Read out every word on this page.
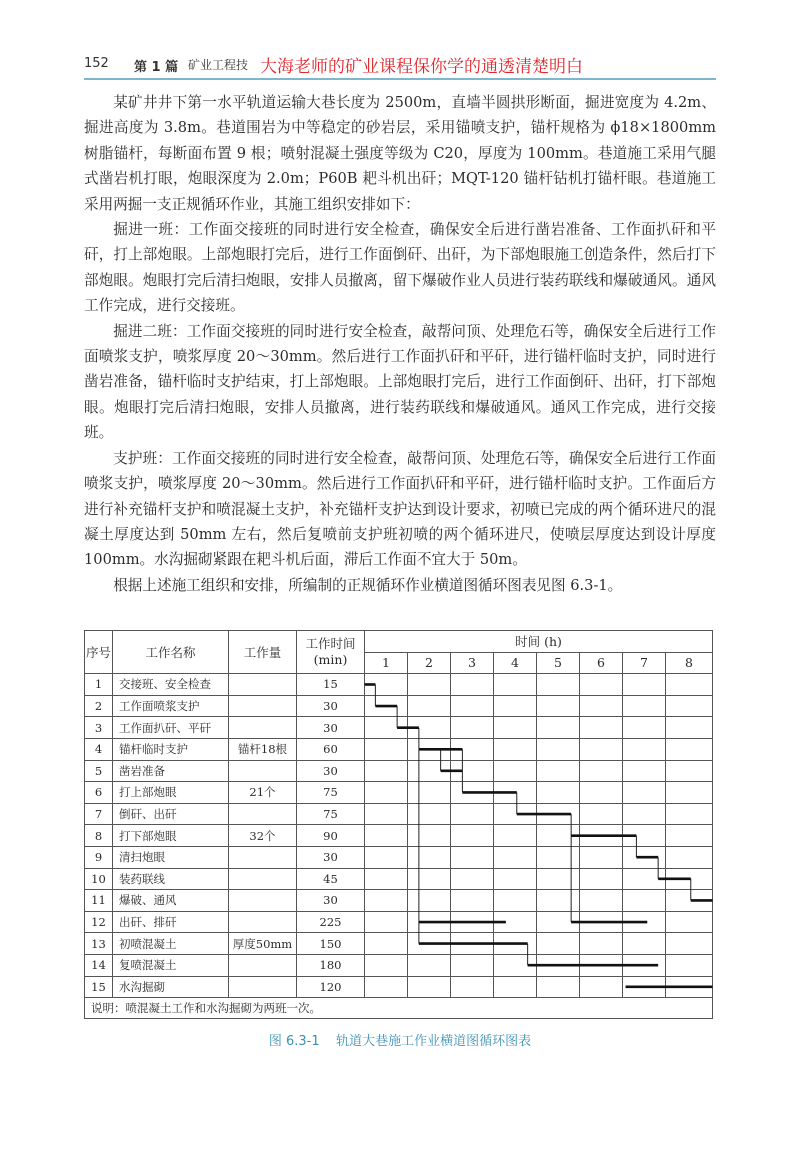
152 第 1 篇 矿业工程技 大海老师的矿业课程保你学的通透清楚明白

某矿井井下第一水平轨道运输大巷长度为 2500m，直墙半圆拱形断面，掘进宽度为 4.2m、掘进高度为 3.8m。巷道围岩为中等稳定的砂岩层，采用锚喷支护，锚杆规格为 ϕ18×1800mm 树脂锚杆，每断面布置 9 根；喷射混凝土强度等级为 C20，厚度为 100mm。巷道施工采用气腿式凿岩机打眼，炮眼深度为 2.0m；P60B 耙斗机出矸；MQT-120 锚杆钻机打锚杆眼。巷道施工采用两掘一支正规循环作业，其施工组织安排如下：

掘进一班：工作面交接班的同时进行安全检查，确保安全后进行凿岩准备、工作面扒矸和平矸，打上部炮眼。上部炮眼打完后，进行工作面倒矸、出矸，为下部炮眼施工创造条件，然后打下部炮眼。炮眼打完后清扫炮眼，安排人员撤离，留下爆破作业人员进行装药联线和爆破通风。通风工作完成，进行交接班。

掘进二班：工作面交接班的同时进行安全检查，敲帮问顶、处理危石等，确保安全后进行工作面喷浆支护，喷浆厚度 20～30mm。然后进行工作面扒矸和平矸，进行锚杆临时支护，同时进行凿岩准备，锚杆临时支护结束，打上部炮眼。上部炮眼打完后，进行工作面倒矸、出矸，打下部炮眼。炮眼打完后清扫炮眼，安排人员撤离，进行装药联线和爆破通风。通风工作完成，进行交接班。

支护班：工作面交接班的同时进行安全检查，敲帮问顶、处理危石等，确保安全后进行工作面喷浆支护，喷浆厚度 20～30mm。然后进行工作面扒矸和平矸，进行锚杆临时支护。工作面后方进行补充锚杆支护和喷混凝土支护，补充锚杆支护达到设计要求，初喷已完成的两个循环进尺的混凝土厚度达到 50mm 左右，然后复喷前支护班初喷的两个循环进尺，使喷层厚度达到设计厚度 100mm。水沟掘砌紧跟在耙斗机后面，滞后工作面不宜大于 50m。

根据上述施工组织和安排，所编制的正规循环作业横道图循环图表见图 6.3-1。

序号	工作名称	工作量	工作时间 (min)	时间 (h)							
				1	2	3	4	5	6	7	8
1	交接班、安全检查		15								
2	工作面喷浆支护		30								
3	工作面扒矸、平矸		30								
4	锚杆临时支护	锚杆18根	60								
5	凿岩准备		30								
6	打上部炮眼	21个	75								
7	倒矸、出矸		75								
8	打下部炮眼	32个	90								
9	清扫炮眼		30								
10	装药联线		45								
11	爆破、通风		30								
12	出矸、排矸		225								
13	初喷混凝土	厚度50mm	150								
14	复喷混凝土		180								
15	水沟掘砌		120								
说明：喷混凝土工作和水沟掘砌为两班一次。											
图 6.3-1 轨道大巷施工作业横道图循环图表
